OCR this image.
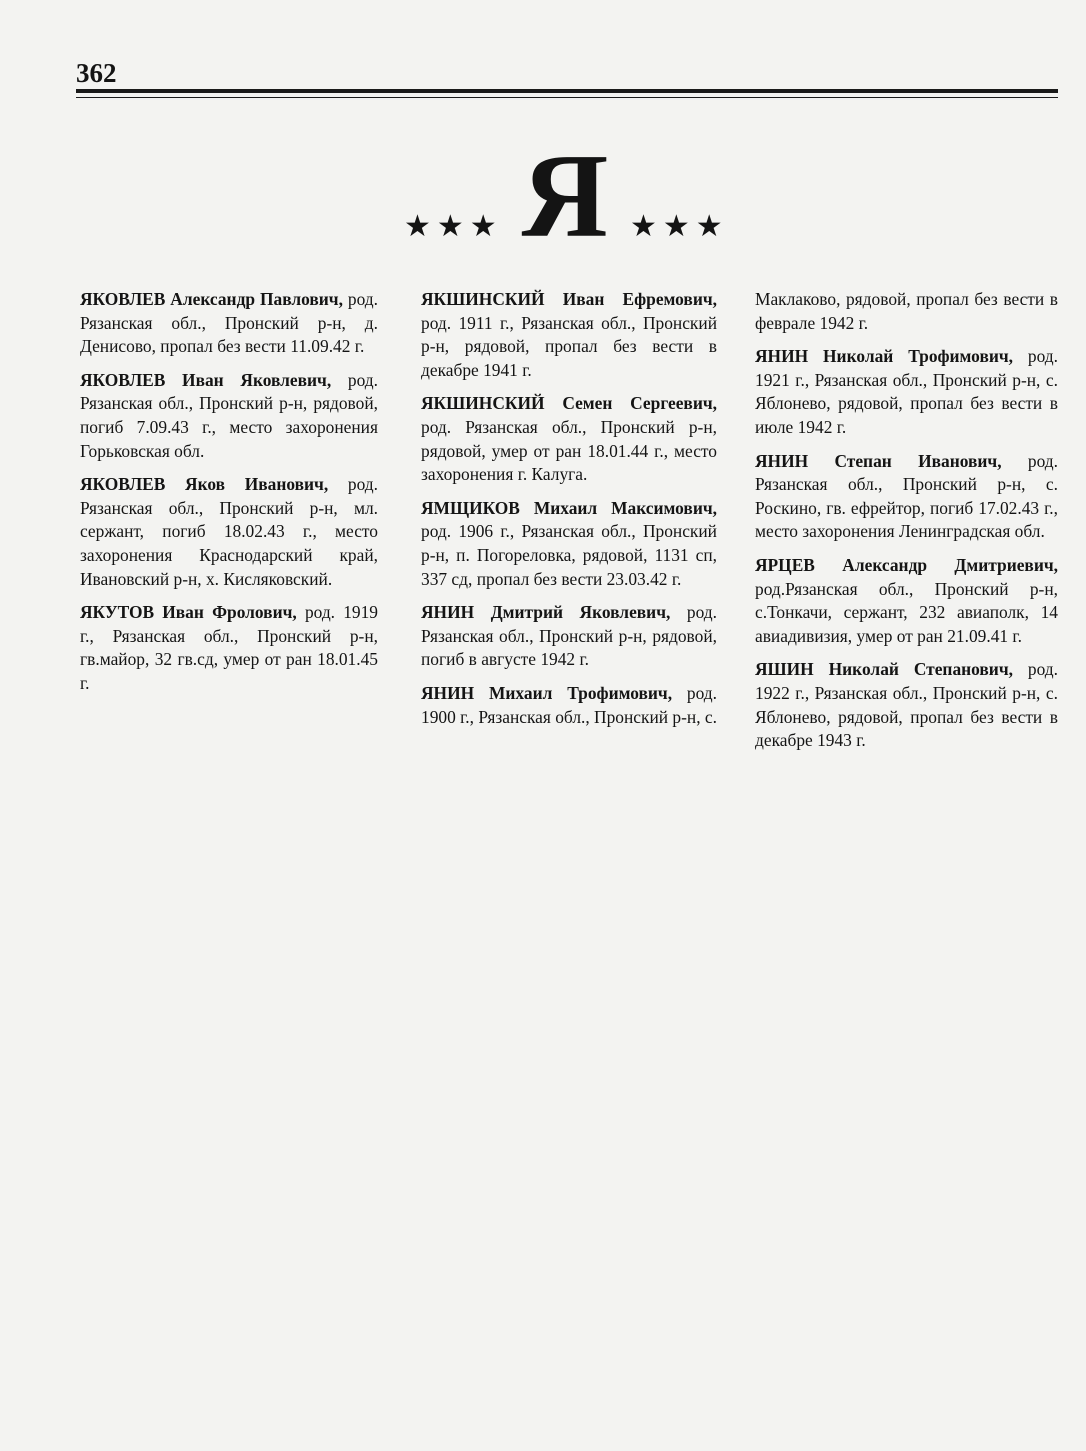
362
★★★ Я ★★★

ЯКОВЛЕВ Александр Павлович, род. Рязанская обл., Пронский р-н, д. Денисово, пропал без вести 11.09.42 г.

ЯКОВЛЕВ Иван Яковлевич, род. Рязанская обл., Пронский р-н, рядовой, погиб 7.09.43 г., место захоронения Горьковская обл.

ЯКОВЛЕВ Яков Иванович, род. Рязанская обл., Пронский р-н, мл. сержант, погиб 18.02.43 г., место захоронения Краснодарский край, Ивановский р-н, х. Кисляковский.

ЯКУТОВ Иван Фролович, род. 1919 г., Рязанская обл., Пронский р-н, гв.майор, 32 гв.сд, умер от ран 18.01.45 г.

ЯКШИНСКИЙ Иван Ефремович, род. 1911 г., Рязанская обл., Пронский р-н, рядовой, пропал без вести в декабре 1941 г.

ЯКШИНСКИЙ Семен Сергеевич, род. Рязанская обл., Пронский р-н, рядовой, умер от ран 18.01.44 г., место захоронения г. Калуга.

ЯМЩИКОВ Михаил Максимович, род. 1906 г., Рязанская обл., Пронский р-н, п. Погореловка, рядовой, 1131 сп, 337 сд, пропал без вести 23.03.42 г.

ЯНИН Дмитрий Яковлевич, род. Рязанская обл., Пронский р-н, рядовой, погиб в августе 1942 г.

ЯНИН Михаил Трофимович, род. 1900 г., Рязанская обл., Пронский р-н, с.

Маклаково, рядовой, пропал без вести в феврале 1942 г.

ЯНИН Николай Трофимович, род. 1921 г., Рязанская обл., Пронский р-н, с. Яблонево, рядовой, пропал без вести в июле 1942 г.

ЯНИН Степан Иванович, род. Рязанская обл., Пронский р-н, с. Роскино, гв. ефрейтор, погиб 17.02.43 г., место захоронения Ленинградская обл.

ЯРЦЕВ Александр Дмитриевич, род.Рязанская обл., Пронский р-н, с.Тонкачи, сержант, 232 авиаполк, 14 авиадивизия, умер от ран 21.09.41 г.

ЯШИН Николай Степанович, род. 1922 г., Рязанская обл., Пронский р-н, с. Яблонево, рядовой, пропал без вести в декабре 1943 г.
